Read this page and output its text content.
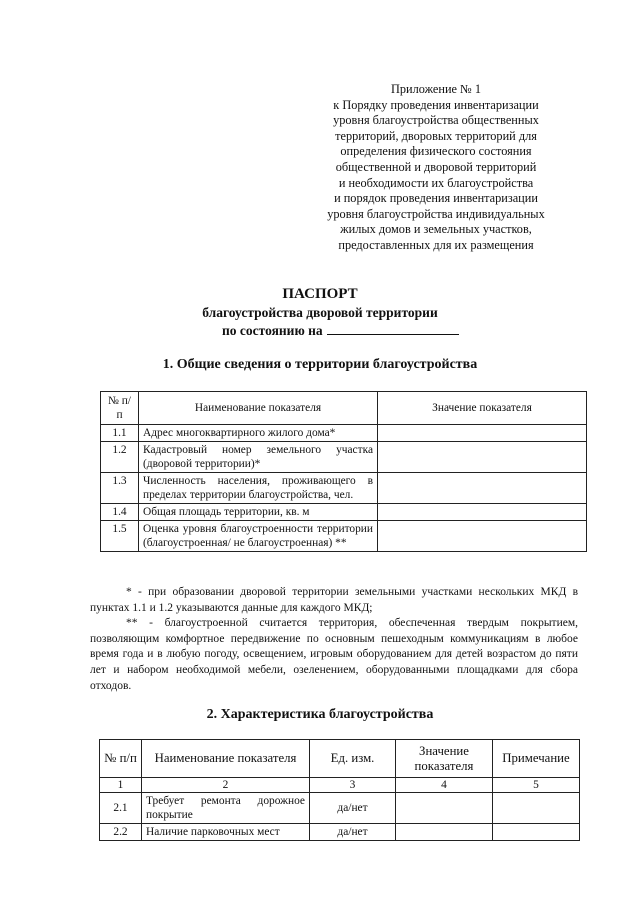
Приложение № 1
к Порядку проведения инвентаризации
уровня благоустройства общественных
территорий, дворовых территорий для
определения физического состояния
общественной и дворовой территорий
и необходимости их благоустройства
и порядок проведения инвентаризации
уровня благоустройства индивидуальных
жилых домов и земельных участков,
предоставленных для их размещения
ПАСПОРТ
благоустройства дворовой территории
по состоянию на
1. Общие сведения о территории благоустройства
№ п/п	Наименование показателя	Значение показателя
1.1	Адрес многоквартирного жилого дома*	
1.2	Кадастровый номер земельного участка (дворовой территории)*	
1.3	Численность населения, проживающего в пределах территории благоустройства, чел.	
1.4	Общая площадь территории, кв. м	
1.5	Оценка уровня благоустроенности территории (благоустроенная/ не благоустроенная) **	

* - при образовании дворовой территории земельными участками нескольких МКД в пунктах 1.1 и 1.2 указываются данные для каждого МКД;

** - благоустроенной считается территория, обеспеченная твердым покрытием, позволяющим комфортное передвижение по основным пешеходным коммуникациям в любое время года и в любую погоду, освещением, игровым оборудованием для детей возрастом до пяти лет и набором необходимой мебели, озеленением, оборудованными площадками для сбора отходов.

2. Характеристика благоустройства
№ п/п	Наименование показателя	Ед. изм.	Значение показателя	Примечание
1	2	3	4	5
2.1	Требует ремонта дорожное покрытие	да/нет		
2.2	Наличие парковочных мест	да/нет		
